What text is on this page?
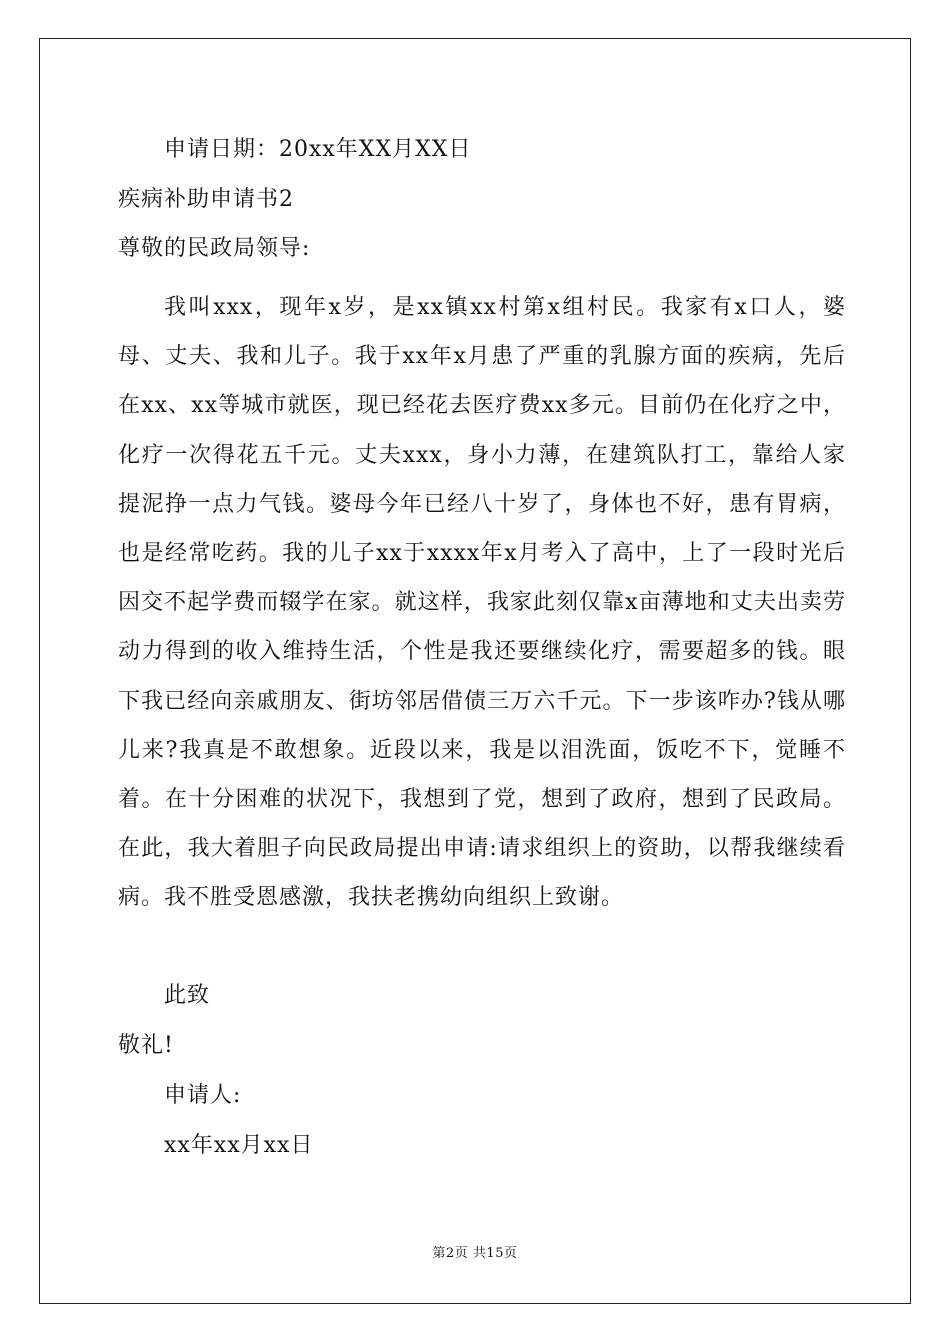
申请日期：20xx年XX月XX日
疾病补助申请书2
尊敬的民政局领导:

我叫xxx，现年x岁，是xx镇xx村第x组村民。我家有x口人，婆母、丈夫、我和儿子。我于xx年x月患了严重的乳腺方面的疾病，先后在xx、xx等城市就医，现已经花去医疗费xx多元。目前仍在化疗之中，化疗一次得花五千元。丈夫xxx，身小力薄，在建筑队打工，靠给人家提泥挣一点力气钱。婆母今年已经八十岁了，身体也不好，患有胃病，也是经常吃药。我的儿子xx于xxxx年x月考入了高中，上了一段时光后因交不起学费而辍学在家。就这样，我家此刻仅靠x亩薄地和丈夫出卖劳动力得到的收入维持生活，个性是我还要继续化疗，需要超多的钱。眼下我已经向亲戚朋友、街坊邻居借债三万六千元。下一步该咋办?钱从哪儿来?我真是不敢想象。近段以来，我是以泪洗面，饭吃不下，觉睡不着。在十分困难的状况下，我想到了党，想到了政府，想到了民政局。在此，我大着胆子向民政局提出申请:请求组织上的资助，以帮我继续看病。我不胜受恩感激，我扶老携幼向组织上致谢。

此致
敬礼!
申请人:
xx年xx月xx日
第2页 共15页
